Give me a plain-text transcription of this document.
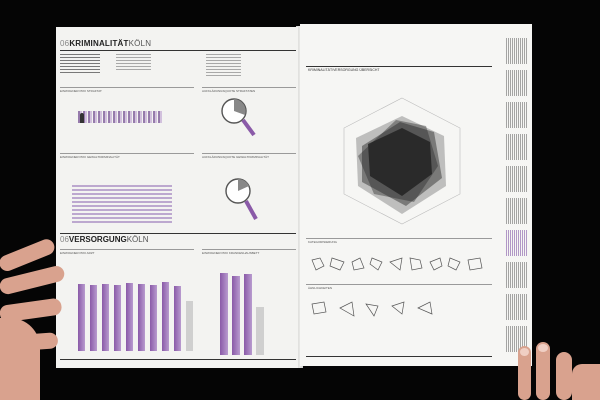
06KRIMINALITÄTKÖLN
EINWOHNER PRO STRAFTAT	AUFKLÄRUNGSQUOTE STRAFTATEN
EINWOHNER PRO GEWALTKRIMINALITÄT	AUFKLÄRUNGSQUOTE GEWALTKRIMINALITÄT
06VERSORGUNGKÖLN
EINWOHNER PRO ARZT	EINWOHNER PRO KRANKENHAUSBETT
KRIMINALITÄT/VERSORGUNG ÜBERSICHT
KATEGORISIERUNG
ÄHNLICHKEITEN
